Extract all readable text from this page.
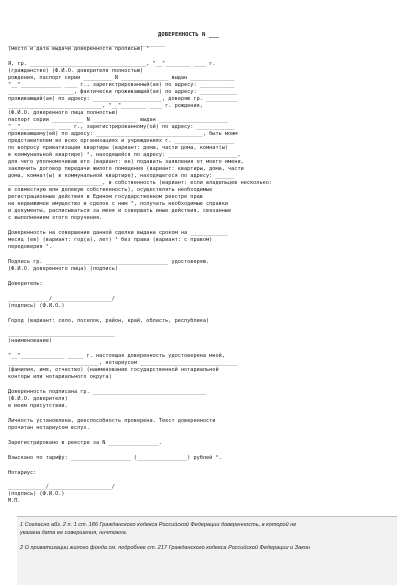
ДОВЕРЕННОСТЬ N ___
__________________________________________________
(место и дата выдачи доверенности прописью) ¹
Я, гр. _____________________________________, "__"________ ____ г.
(гражданство) (Ф.И.О. доверителя полностью)
рождения, паспорт серии _________ N _______________ выдан ______________
"__"_____________ ____ г., зарегистрированный(ая) по адресу: ___________
_____________________, фактически проживающий(ая) по адресу: ____________
проживающий(ая) по адресу: ______________________, доверяю гр. __________
______________________________, "__"________ ____ г. рождения,
(Ф.И.О. доверенного лица полностью)
паспорт серии __________ N ______________ выдан ______________________
"__"___________ ____ г., зарегистрированному(ой) по адресу: ____________
проживающему(ей) по адресу: __________________________________, быть моим
представителем во всех организациях и учреждениях г. ___________________
по вопросу приватизации квартиры (вариант: дома, части дома, комнат(ы)
в коммунальной квартире) ², находящейся по адресу: ______________________,
для чего уполномочиваю его (вариант: ее) подавать заявления от моего имени,
заключить договор передачи жилого помещения (вариант: квартиры, дома, части
дома, комнат(ы) в коммунальной квартире), находящегося по адресу: ______
______________________________, в собственность (вариант: если владельцев несколько:
в совместную или долевую собственность), осуществлять необходимые
регистрационные действия в Едином государственном реестре прав
на недвижимое имущество и сделок с ним ³, получать необходимые справки
и документы, расписываться за меня и совершать иные действия, связанные
с выполнением этого поручения.
Доверенность на совершение данной сделки выдана сроком на ____________
месяц (ев) (вариант: год(а), лет) ⁴ без права (вариант: с правом)
передоверия ⁵.
Подпись гр. _______________________________________ удостоверяю.
(Ф.И.О. доверенного лица) (подпись)
Доверитель:
_____________/___________________/
(подпись) (Ф.И.О.)
Город (вариант: село, поселок, район, край, область, республика)
__________________________________
(наименование)
"__"______________ _____ г. настоящая доверенность удостоверена мной,
_____________________________, нотариусом _______________________________
(фамилия, имя, отчество) (наименование государственной нотариальной
конторы или нотариального округа)
Доверенность подписана гр. ____________________________________
(Ф.И.О. доверителя)
в моем присутствии.
Личность установлена, дееспособность проверена. Текст доверенности
прочитан нотариусом вслух.
Зарегистрировано в реестре за N ________________.
Взыскано по тарифу: ___________________ (________________) рублей ⁶.
Нотариус:
____________/____________________/
(подпись) (Ф.И.О.)
М.П.
1 Согласно абз. 2 п. 1 ст. 186 Гражданского кодекса Российской Федерации доверенность, в которой не
указана дата ее совершения, ничтожна.
2 О приватизации жилого фонда см. подробнее ст. 217 Гражданского кодекса Российской Федерации и Закон
